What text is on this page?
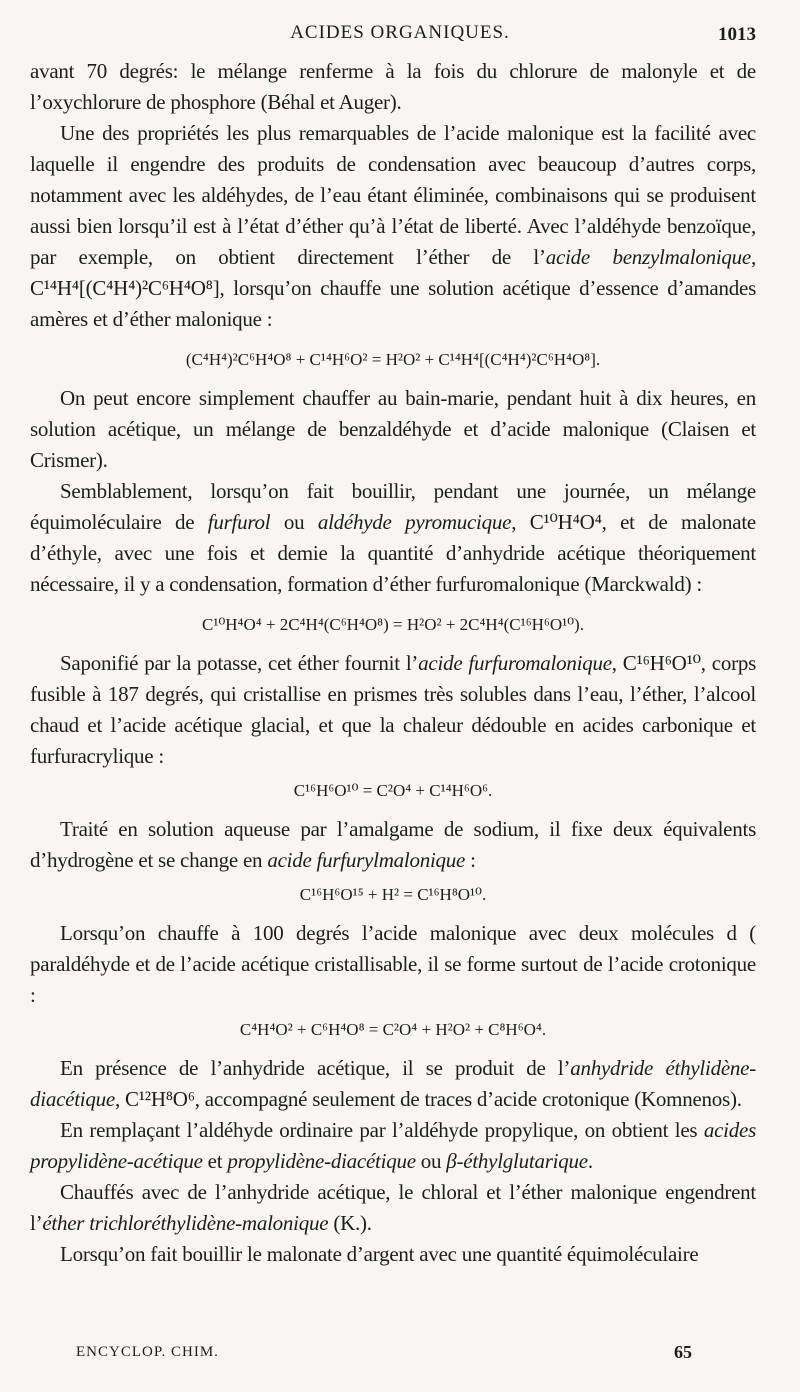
ACIDES ORGANIQUES.	1013

avant 70 degrés: le mélange renferme à la fois du chlorure de malonyle et de l’oxychlorure de phosphore (Béhal et Auger).

Une des propriétés les plus remarquables de l’acide malonique est la facilité avec laquelle il engendre des produits de condensation avec beaucoup d’autres corps, notamment avec les aldéhydes, de l’eau étant éliminée, combinaisons qui se produisent aussi bien lorsqu’il est à l’état d’éther qu’à l’état de liberté. Avec l’aldéhyde benzoïque, par exemple, on obtient directement l’éther de l’acide benzylmalonique, C¹⁴H⁴[(C⁴H⁴)²C⁶H⁴O⁸], lorsqu’on chauffe une solution acétique d’essence d’amandes amères et d’éther malonique :

(C⁴H⁴)²C⁶H⁴O⁸ + C¹⁴H⁶O² = H²O² + C¹⁴H⁴[(C⁴H⁴)²C⁶H⁴O⁸].

On peut encore simplement chauffer au bain-marie, pendant huit à dix heures, en solution acétique, un mélange de benzaldéhyde et d’acide malonique (Claisen et Crismer).

Semblablement, lorsqu’on fait bouillir, pendant une journée, un mélange équimoléculaire de furfurol ou aldéhyde pyromucique, C¹⁰H⁴O⁴, et de malonate d’éthyle, avec une fois et demie la quantité d’anhydride acétique théoriquement nécessaire, il y a condensation, formation d’éther furfuromalonique (Marckwald) :

C¹⁰H⁴O⁴ + 2C⁴H⁴(C⁶H⁴O⁸) = H²O² + 2C⁴H⁴(C¹⁶H⁶O¹⁰).

Saponifié par la potasse, cet éther fournit l’acide furfuromalonique, C¹⁶H⁶O¹⁰, corps fusible à 187 degrés, qui cristallise en prismes très solubles dans l’eau, l’éther, l’alcool chaud et l’acide acétique glacial, et que la chaleur dédouble en acides carbonique et furfuracrylique :

C¹⁶H⁶O¹⁰ = C²O⁴ + C¹⁴H⁶O⁶.

Traité en solution aqueuse par l’amalgame de sodium, il fixe deux équivalents d’hydrogène et se change en acide furfurylmalonique :

C¹⁶H⁶O¹⁵ + H² = C¹⁶H⁸O¹⁰.

Lorsqu’on chauffe à 100 degrés l’acide malonique avec deux molécules d ( paraldéhyde et de l’acide acétique cristallisable, il se forme surtout de l’acide crotonique :

C⁴H⁴O² + C⁶H⁴O⁸ = C²O⁴ + H²O² + C⁸H⁶O⁴.

En présence de l’anhydride acétique, il se produit de l’anhydride éthylidène-diacétique, C¹²H⁸O⁶, accompagné seulement de traces d’acide crotonique (Komnenos).

En remplaçant l’aldéhyde ordinaire par l’aldéhyde propylique, on obtient les acides propylidène-acétique et propylidène-diacétique ou β-éthylglutarique.

Chauffés avec de l’anhydride acétique, le chloral et l’éther malonique engendrent l’éther trichloréthylidène-malonique (K.).

Lorsqu’on fait bouillir le malonate d’argent avec une quantité équimoléculaire

ENCYCLOP. CHIM.	65
